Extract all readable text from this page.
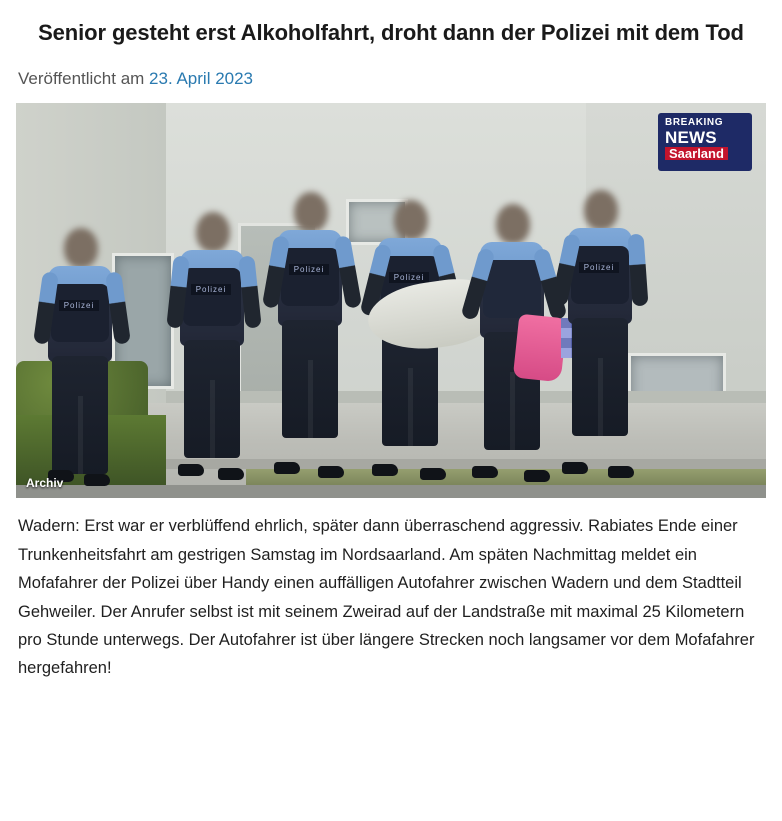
Senior gesteht erst Alkoholfahrt, droht dann der Polizei mit dem Tod
Veröffentlicht am 23. April 2023
Polizei
Polizei
Polizei
Polizei
Polizei
BREAKING
NEWS
Saarland
Archiv

Wadern: Erst war er verblüffend ehrlich, später dann überraschend aggressiv. Rabiates Ende einer Trunkenheitsfahrt am gestrigen Samstag im Nordsaarland. Am späten Nachmittag meldet ein Mofafahrer der Polizei über Handy einen auffälligen Autofahrer zwischen Wadern und dem Stadtteil Gehweiler. Der Anrufer selbst ist mit seinem Zweirad auf der Landstraße mit maximal 25 Kilometern pro Stunde unterwegs. Der Autofahrer ist über längere Strecken noch langsamer vor dem Mofafahrer hergefahren!
